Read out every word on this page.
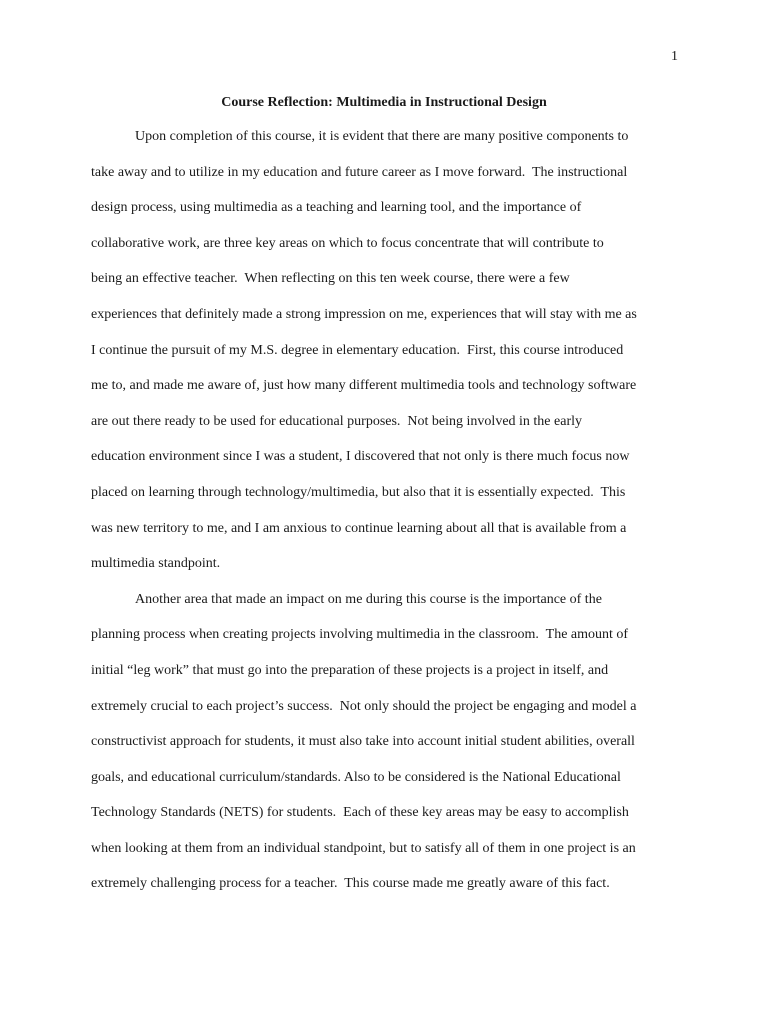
1
Course Reflection: Multimedia in Instructional Design
Upon completion of this course, it is evident that there are many positive components to
take away and to utilize in my education and future career as I move forward.  The instructional
design process, using multimedia as a teaching and learning tool, and the importance of
collaborative work, are three key areas on which to focus concentrate that will contribute to
being an effective teacher.  When reflecting on this ten week course, there were a few
experiences that definitely made a strong impression on me, experiences that will stay with me as
I continue the pursuit of my M.S. degree in elementary education.  First, this course introduced
me to, and made me aware of, just how many different multimedia tools and technology software
are out there ready to be used for educational purposes.  Not being involved in the early
education environment since I was a student, I discovered that not only is there much focus now
placed on learning through technology/multimedia, but also that it is essentially expected.  This
was new territory to me, and I am anxious to continue learning about all that is available from a
multimedia standpoint.
Another area that made an impact on me during this course is the importance of the
planning process when creating projects involving multimedia in the classroom.  The amount of
initial “leg work” that must go into the preparation of these projects is a project in itself, and
extremely crucial to each project’s success.  Not only should the project be engaging and model a
constructivist approach for students, it must also take into account initial student abilities, overall
goals, and educational curriculum/standards. Also to be considered is the National Educational
Technology Standards (NETS) for students.  Each of these key areas may be easy to accomplish
when looking at them from an individual standpoint, but to satisfy all of them in one project is an
extremely challenging process for a teacher.  This course made me greatly aware of this fact.
